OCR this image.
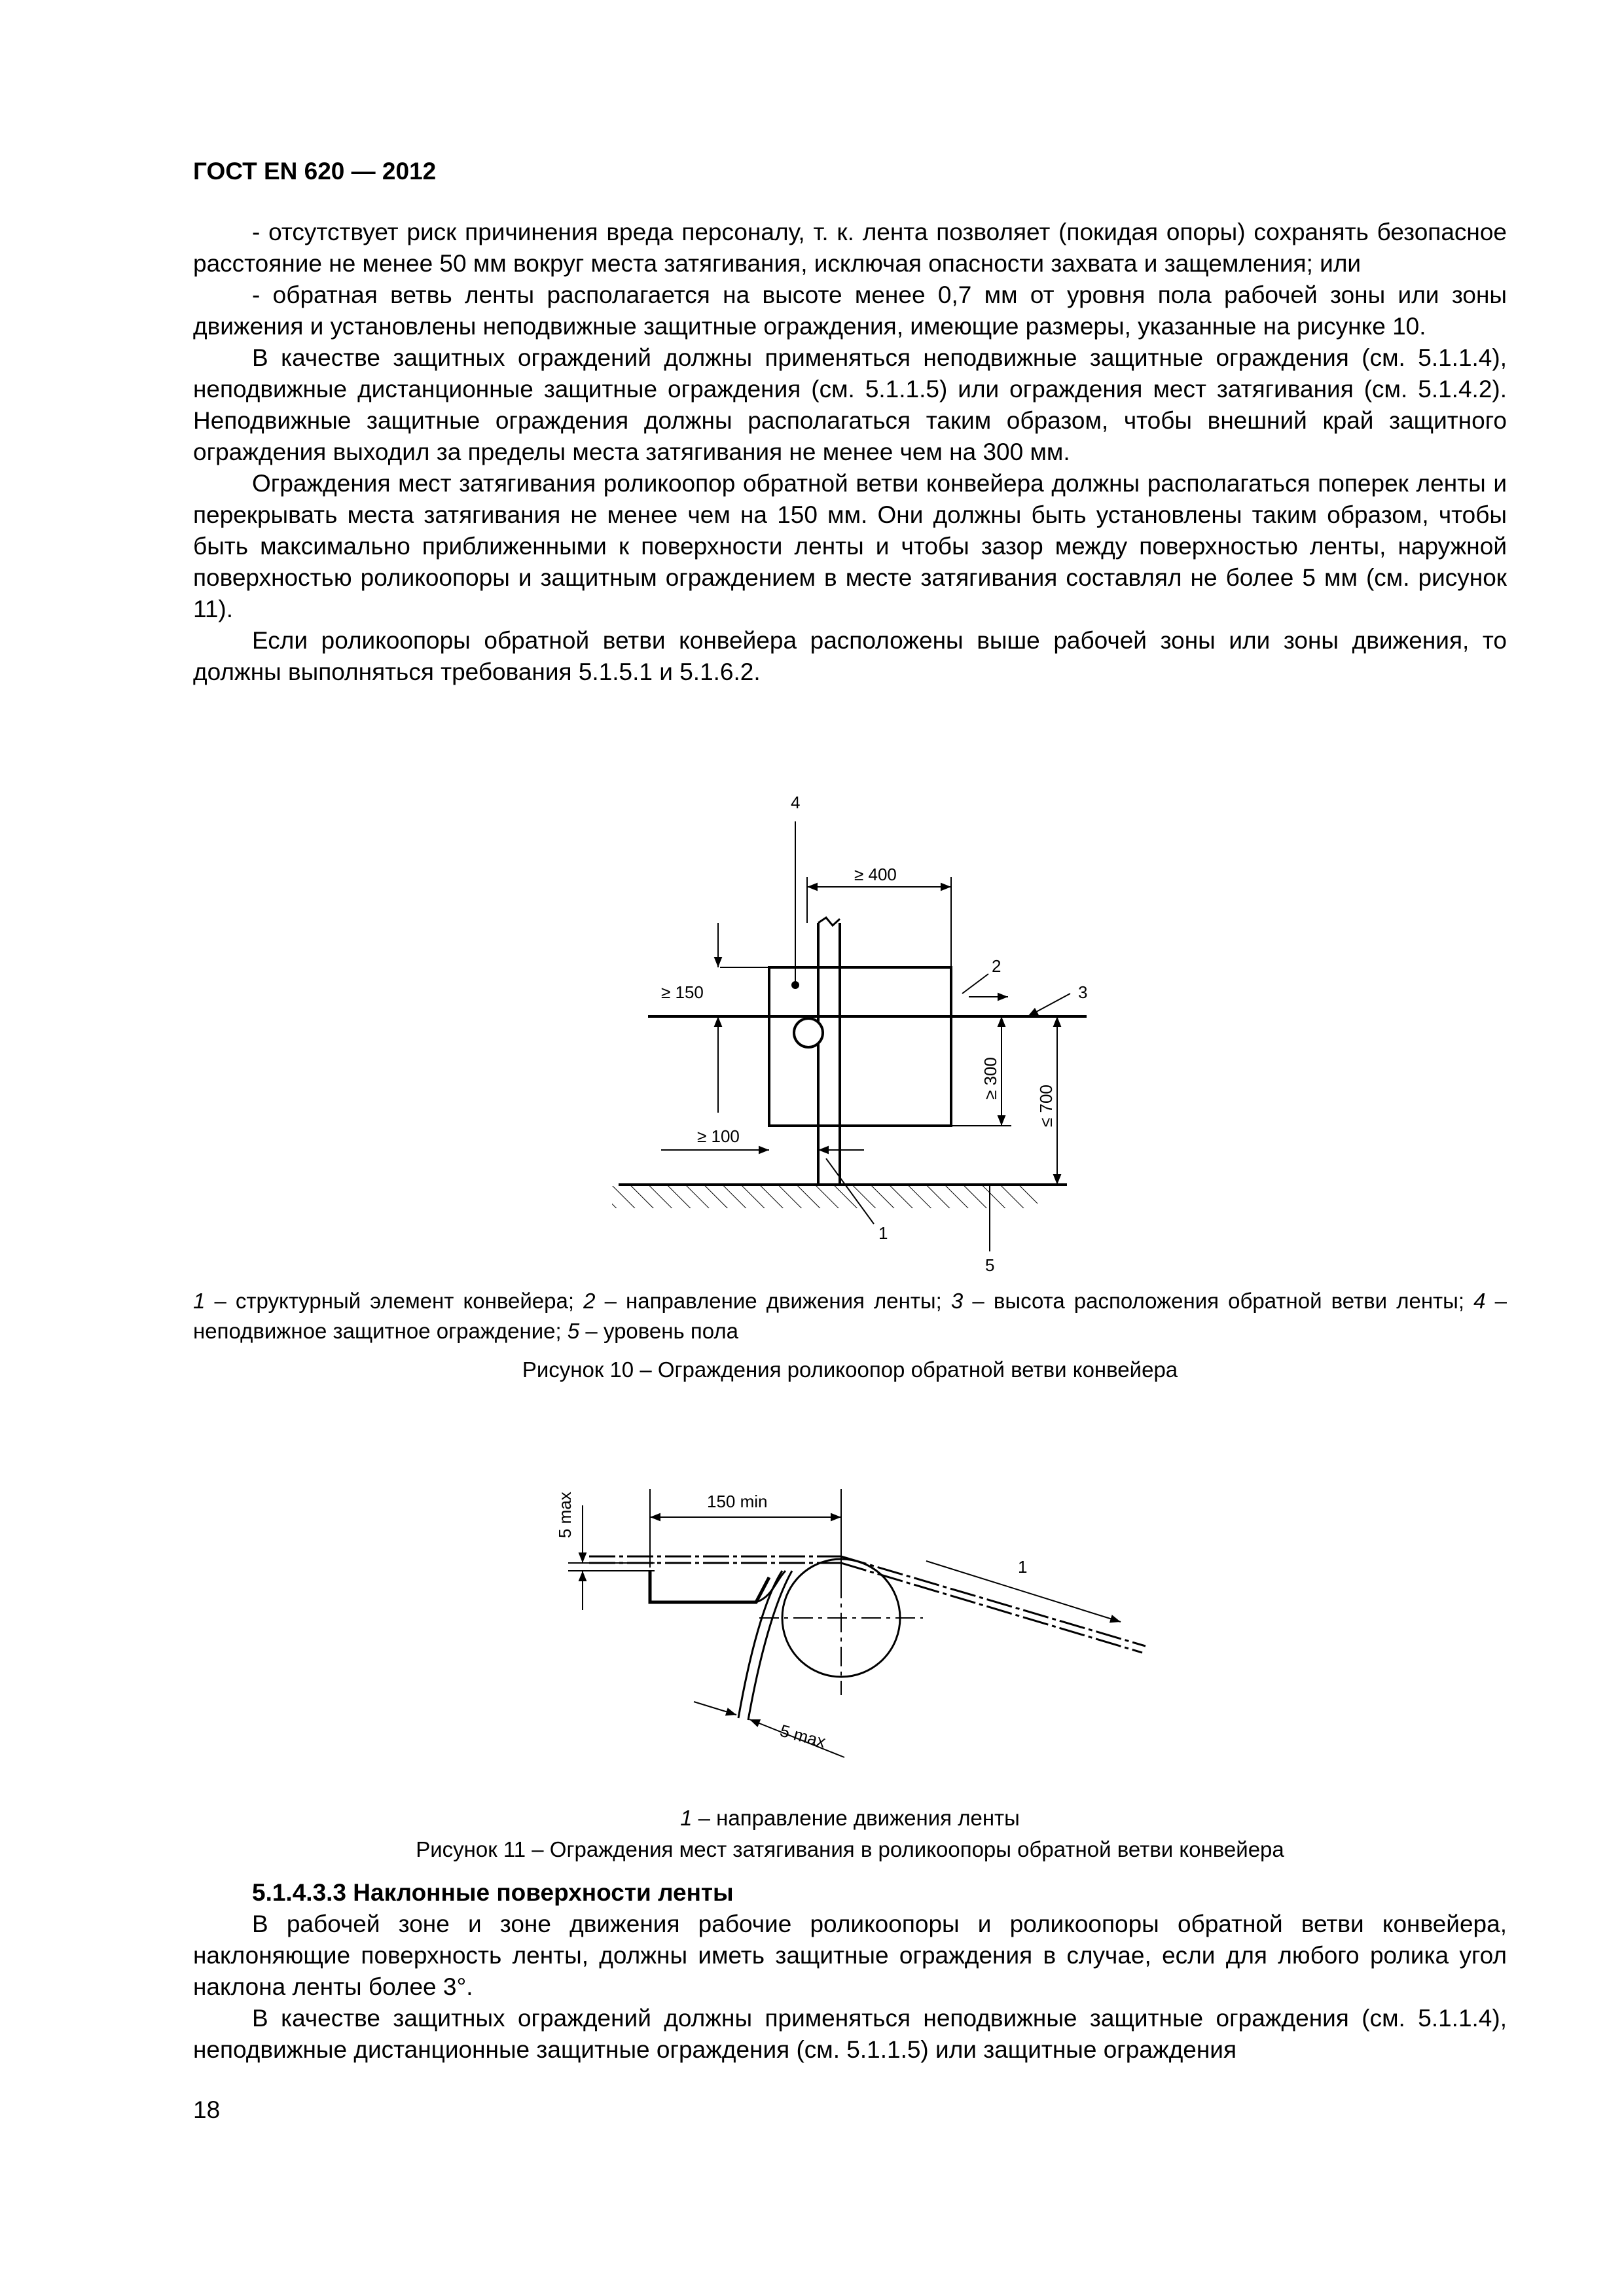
ГОСТ EN 620 — 2012

- отсутствует риск причинения вреда персоналу, т. к. лента позволяет (покидая опоры) сохранять безопасное расстояние не менее 50 мм вокруг места затягивания, исключая опасности захвата и защемления; или

- обратная ветвь ленты располагается на высоте менее 0,7 мм от уровня пола рабочей зоны или зоны движения и установлены неподвижные защитные ограждения, имеющие размеры, указанные на рисунке 10.

В качестве защитных ограждений должны применяться неподвижные защитные ограждения (см. 5.1.1.4), неподвижные дистанционные защитные ограждения (см. 5.1.1.5) или ограждения мест затягивания (см. 5.1.4.2). Неподвижные защитные ограждения должны располагаться таким образом, чтобы внешний край защитного ограждения выходил за пределы места затягивания не менее чем на 300 мм.

Ограждения мест затягивания роликоопор обратной ветви конвейера должны располагаться поперек ленты и перекрывать места затягивания не менее чем на 150 мм. Они должны быть установлены таким образом, чтобы быть максимально приближенными к поверхности ленты и чтобы зазор между поверхностью ленты, наружной поверхностью роликоопоры и защитным ограждением в месте затягивания составлял не более 5 мм (см. рисунок 11).

Если роликоопоры обратной ветви конвейера расположены выше рабочей зоны или зоны движения, то должны выполняться требования 5.1.5.1 и 5.1.6.2.

4
≥ 400
≥ 150
2
3
≥ 300
≤ 700
≥ 100
1
5
1 – структурный элемент конвейера; 2 – направление движения ленты; 3 – высота расположения обратной ветви ленты; 4 – неподвижное защитное ограждение; 5 – уровень пола
Рисунок 10 – Ограждения роликоопор обратной ветви конвейера
150 min
5 max
5 max
1
1 – направление движения ленты
Рисунок 11 – Ограждения мест затягивания в роликоопоры обратной ветви конвейера
5.1.4.3.3 Наклонные поверхности ленты

В рабочей зоне и зоне движения рабочие роликоопоры и роликоопоры обратной ветви конвейера, наклоняющие поверхность ленты, должны иметь защитные ограждения в случае, если для любого ролика угол наклона ленты более 3°.

В качестве защитных ограждений должны применяться неподвижные защитные ограждения (см. 5.1.1.4), неподвижные дистанционные защитные ограждения (см. 5.1.1.5) или защитные ограждения

18
